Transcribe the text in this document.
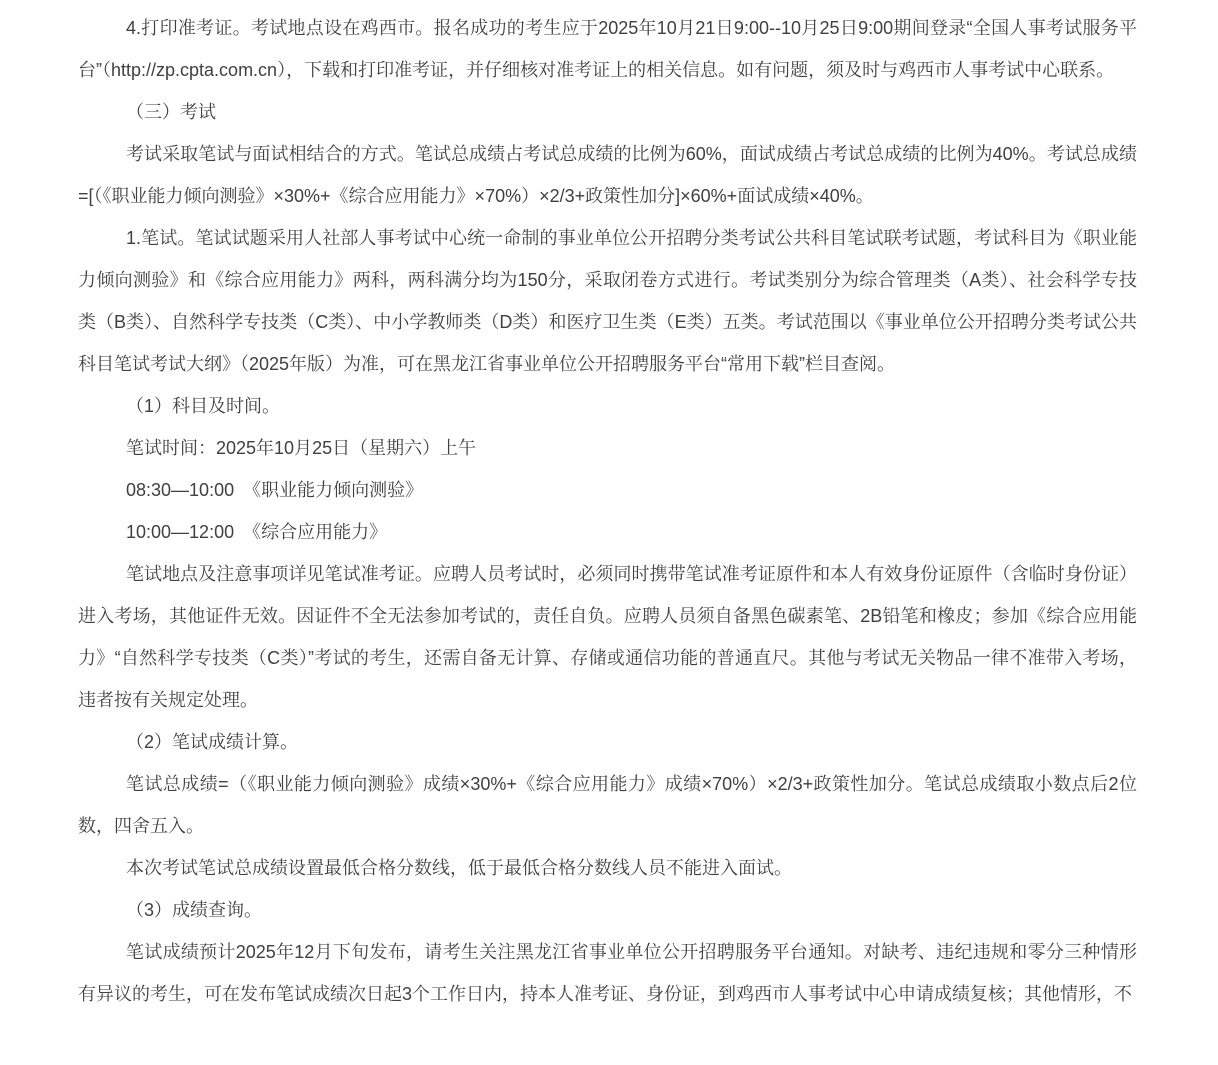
4.打印准考证。考试地点设在鸡西市。报名成功的考生应于2025年10月21日9:00--10月25日9:00期间登录“全国人事考试服务平台”（http://zp.cpta.com.cn），下载和打印准考证，并仔细核对准考证上的相关信息。如有问题，须及时与鸡西市人事考试中心联系。

（三）考试

考试采取笔试与面试相结合的方式。笔试总成绩占考试总成绩的比例为60%，面试成绩占考试总成绩的比例为40%。考试总成绩=[（《职业能力倾向测验》×30%+《综合应用能力》×70%）×2/3+政策性加分]×60%+面试成绩×40%。

1.笔试。笔试试题采用人社部人事考试中心统一命制的事业单位公开招聘分类考试公共科目笔试联考试题，考试科目为《职业能力倾向测验》和《综合应用能力》两科，两科满分均为150分，采取闭卷方式进行。考试类别分为综合管理类（A类）、社会科学专技类（B类）、自然科学专技类（C类）、中小学教师类（D类）和医疗卫生类（E类）五类。考试范围以《事业单位公开招聘分类考试公共科目笔试考试大纲》（2025年版）为准，可在黑龙江省事业单位公开招聘服务平台“常用下载”栏目查阅。

（1）科目及时间。

笔试时间：2025年10月25日（星期六）上午

08:30—10:00　《职业能力倾向测验》

10:00—12:00　《综合应用能力》

笔试地点及注意事项详见笔试准考证。应聘人员考试时，必须同时携带笔试准考证原件和本人有效身份证原件（含临时身份证）进入考场，其他证件无效。因证件不全无法参加考试的，责任自负。应聘人员须自备黑色碳素笔、2B铅笔和橡皮；参加《综合应用能力》“自然科学专技类（C类）”考试的考生，还需自备无计算、存储或通信功能的普通直尺。其他与考试无关物品一律不准带入考场，违者按有关规定处理。

（2）笔试成绩计算。

笔试总成绩=（《职业能力倾向测验》成绩×30%+《综合应用能力》成绩×70%）×2/3+政策性加分。笔试总成绩取小数点后2位数，四舍五入。

本次考试笔试总成绩设置最低合格分数线，低于最低合格分数线人员不能进入面试。

（3）成绩查询。

笔试成绩预计2025年12月下旬发布，请考生关注黑龙江省事业单位公开招聘服务平台通知。对缺考、违纪违规和零分三种情形有异议的考生，可在发布笔试成绩次日起3个工作日内，持本人准考证、身份证，到鸡西市人事考试中心申请成绩复核；其他情形，不
